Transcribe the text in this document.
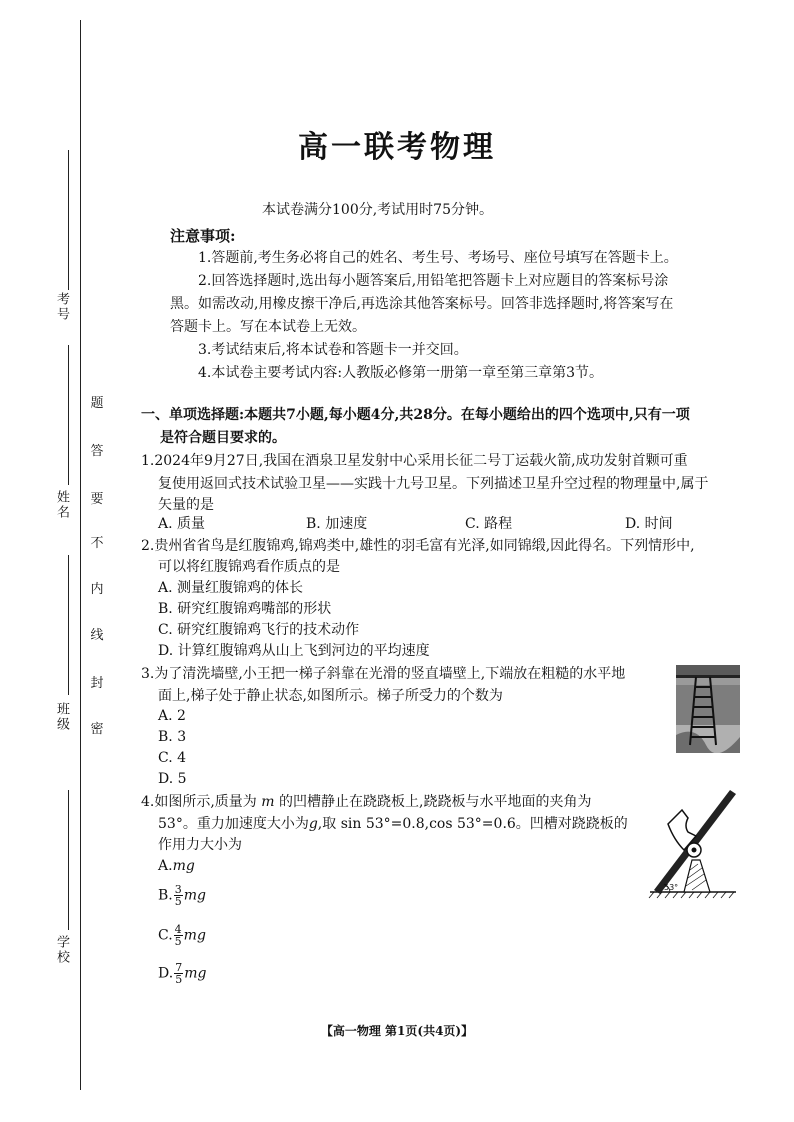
考号
姓名
班级
学校
题
答
要
不
内
线
封
密
高一联考物理
本试卷满分100分,考试用时75分钟。
注意事项:
1.答题前,考生务必将自己的姓名、考生号、考场号、座位号填写在答题卡上。
2.回答选择题时,选出每小题答案后,用铅笔把答题卡上对应题目的答案标号涂
黑。如需改动,用橡皮擦干净后,再选涂其他答案标号。回答非选择题时,将答案写在
答题卡上。写在本试卷上无效。
3.考试结束后,将本试卷和答题卡一并交回。
4.本试卷主要考试内容:人教版必修第一册第一章至第三章第3节。
一、单项选择题:本题共7小题,每小题4分,共28分。在每小题给出的四个选项中,只有一项
是符合题目要求的。
1.2024年9月27日,我国在酒泉卫星发射中心采用长征二号丁运载火箭,成功发射首颗可重
复使用返回式技术试验卫星——实践十九号卫星。下列描述卫星升空过程的物理量中,属于
矢量的是
A. 质量	B. 加速度	C. 路程	D. 时间
2.贵州省省鸟是红腹锦鸡,锦鸡类中,雄性的羽毛富有光泽,如同锦缎,因此得名。下列情形中,
可以将红腹锦鸡看作质点的是
A. 测量红腹锦鸡的体长
B. 研究红腹锦鸡嘴部的形状
C. 研究红腹锦鸡飞行的技术动作
D. 计算红腹锦鸡从山上飞到河边的平均速度
3.为了清洗墙壁,小王把一梯子斜靠在光滑的竖直墙壁上,下端放在粗糙的水平地
面上,梯子处于静止状态,如图所示。梯子所受力的个数为
A. 2
B. 3
C. 4
D. 5
4.如图所示,质量为 m 的凹槽静止在跷跷板上,跷跷板与水平地面的夹角为
53°。重力加速度大小为g,取 sin 53°=0.8,cos 53°=0.6。凹槽对跷跷板的
作用力大小为
A.mg
B. $\frac{3}{5}$ mg
C. $\frac{4}{5}$ mg
D. $\frac{7}{5}$ mg
53°
【高一物理 第1页(共4页)】
